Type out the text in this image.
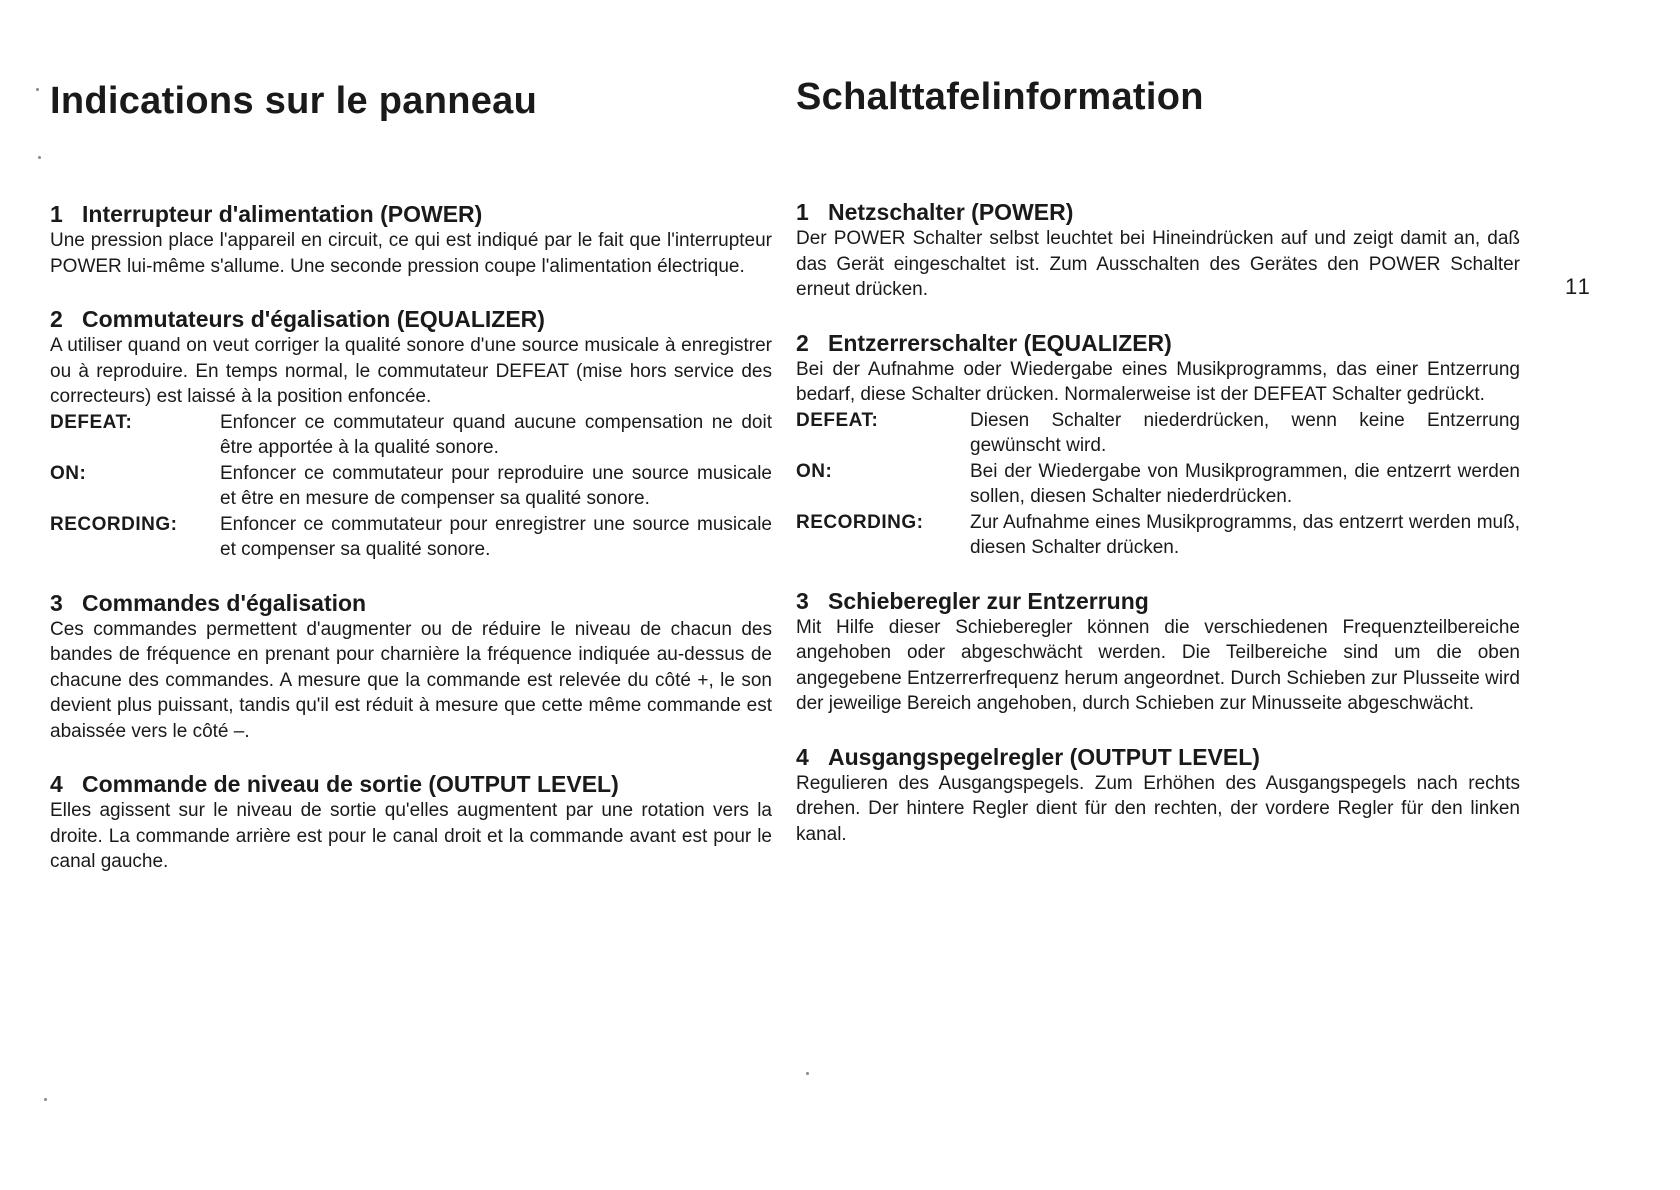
Indications sur le panneau
1 Interrupteur d'alimentation (POWER)

Une pression place l'appareil en circuit, ce qui est indiqué par le fait que l'interrupteur POWER lui-même s'allume. Une seconde pression coupe l'alimentation électrique.

2 Commutateurs d'égalisation (EQUALIZER)

A utiliser quand on veut corriger la qualité sonore d'une source musicale à enregistrer ou à reproduire. En temps normal, le commutateur DEFEAT (mise hors service des correcteurs) est laissé à la position enfoncée.

DEFEAT:	Enfoncer ce commutateur quand aucune compensation ne doit être apportée à la qualité sonore.
ON:	Enfoncer ce commutateur pour reproduire une source musicale et être en mesure de compenser sa qualité sonore.
RECORDING:	Enfoncer ce commutateur pour enregistrer une source musicale et compenser sa qualité sonore.
3 Commandes d'égalisation

Ces commandes permettent d'augmenter ou de réduire le niveau de chacun des bandes de fréquence en prenant pour charnière la fréquence indiquée au-dessus de chacune des commandes. A mesure que la commande est relevée du côté +, le son devient plus puissant, tandis qu'il est réduit à mesure que cette même commande est abaissée vers le côté –.

4 Commande de niveau de sortie (OUTPUT LEVEL)

Elles agissent sur le niveau de sortie qu'elles augmentent par une rotation vers la droite. La commande arrière est pour le canal droit et la commande avant est pour le canal gauche.

Schalttafelinformation
1 Netzschalter (POWER)

Der POWER Schalter selbst leuchtet bei Hineindrücken auf und zeigt damit an, daß das Gerät eingeschaltet ist. Zum Ausschalten des Gerätes den POWER Schalter erneut drücken.

2 Entzerrerschalter (EQUALIZER)

Bei der Aufnahme oder Wiedergabe eines Musikprogramms, das einer Entzerrung bedarf, diese Schalter drücken. Normalerweise ist der DEFEAT Schalter gedrückt.

DEFEAT:	Diesen Schalter niederdrücken, wenn keine Entzerrung gewünscht wird.
ON:	Bei der Wiedergabe von Musikprogrammen, die entzerrt werden sollen, diesen Schalter niederdrücken.
RECORDING:	Zur Aufnahme eines Musikprogramms, das entzerrt werden muß, diesen Schalter drücken.
3 Schieberegler zur Entzerrung

Mit Hilfe dieser Schieberegler können die verschiedenen Frequenzteilbereiche angehoben oder abgeschwächt werden. Die Teilbereiche sind um die oben angegebene Entzerrerfrequenz herum angeordnet. Durch Schieben zur Plusseite wird der jeweilige Bereich angehoben, durch Schieben zur Minusseite abgeschwächt.

4 Ausgangspegelregler (OUTPUT LEVEL)

Regulieren des Ausgangspegels. Zum Erhöhen des Ausgangspegels nach rechts drehen. Der hintere Regler dient für den rechten, der vordere Regler für den linken kanal.

11
